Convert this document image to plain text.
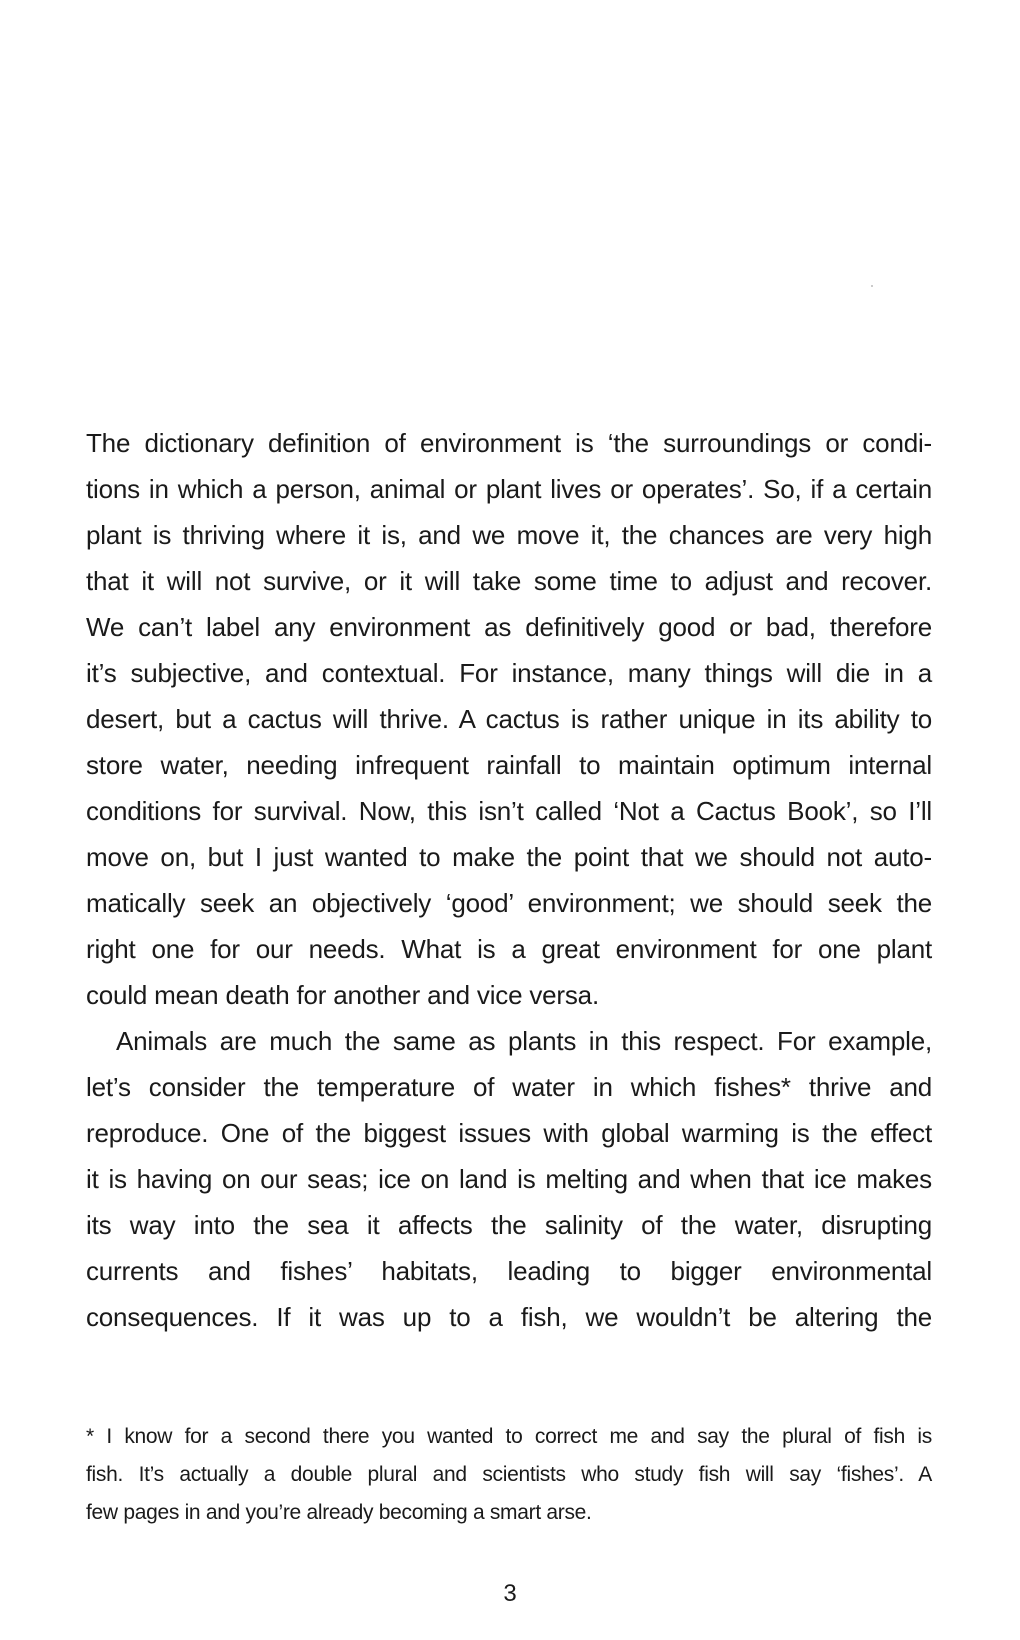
The dictionary definition of environment is ‘the surroundings or condi-
tions in which a person, animal or plant lives or operates’. So, if a certain
plant is thriving where it is, and we move it, the chances are very high
that it will not survive, or it will take some time to adjust and recover.
We can’t label any environment as definitively good or bad, therefore
it’s subjective, and contextual. For instance, many things will die in a
desert, but a cactus will thrive. A cactus is rather unique in its ability to
store water, needing infrequent rainfall to maintain optimum internal
conditions for survival. Now, this isn’t called ‘Not a Cactus Book’, so I’ll
move on, but I just wanted to make the point that we should not auto-
matically seek an objectively ‘good’ environment; we should seek the
right one for our needs. What is a great environment for one plant
could mean death for another and vice versa.
Animals are much the same as plants in this respect. For example,
let’s consider the temperature of water in which fishes* thrive and
reproduce. One of the biggest issues with global warming is the effect
it is having on our seas; ice on land is melting and when that ice makes
its way into the sea it affects the salinity of the water, disrupting
currents and fishes’ habitats, leading to bigger environmental
consequences. If it was up to a fish, we wouldn’t be altering the
* I know for a second there you wanted to correct me and say the plural of fish is
fish. It’s actually a double plural and scientists who study fish will say ‘fishes’. A
few pages in and you’re already becoming a smart arse.
3
